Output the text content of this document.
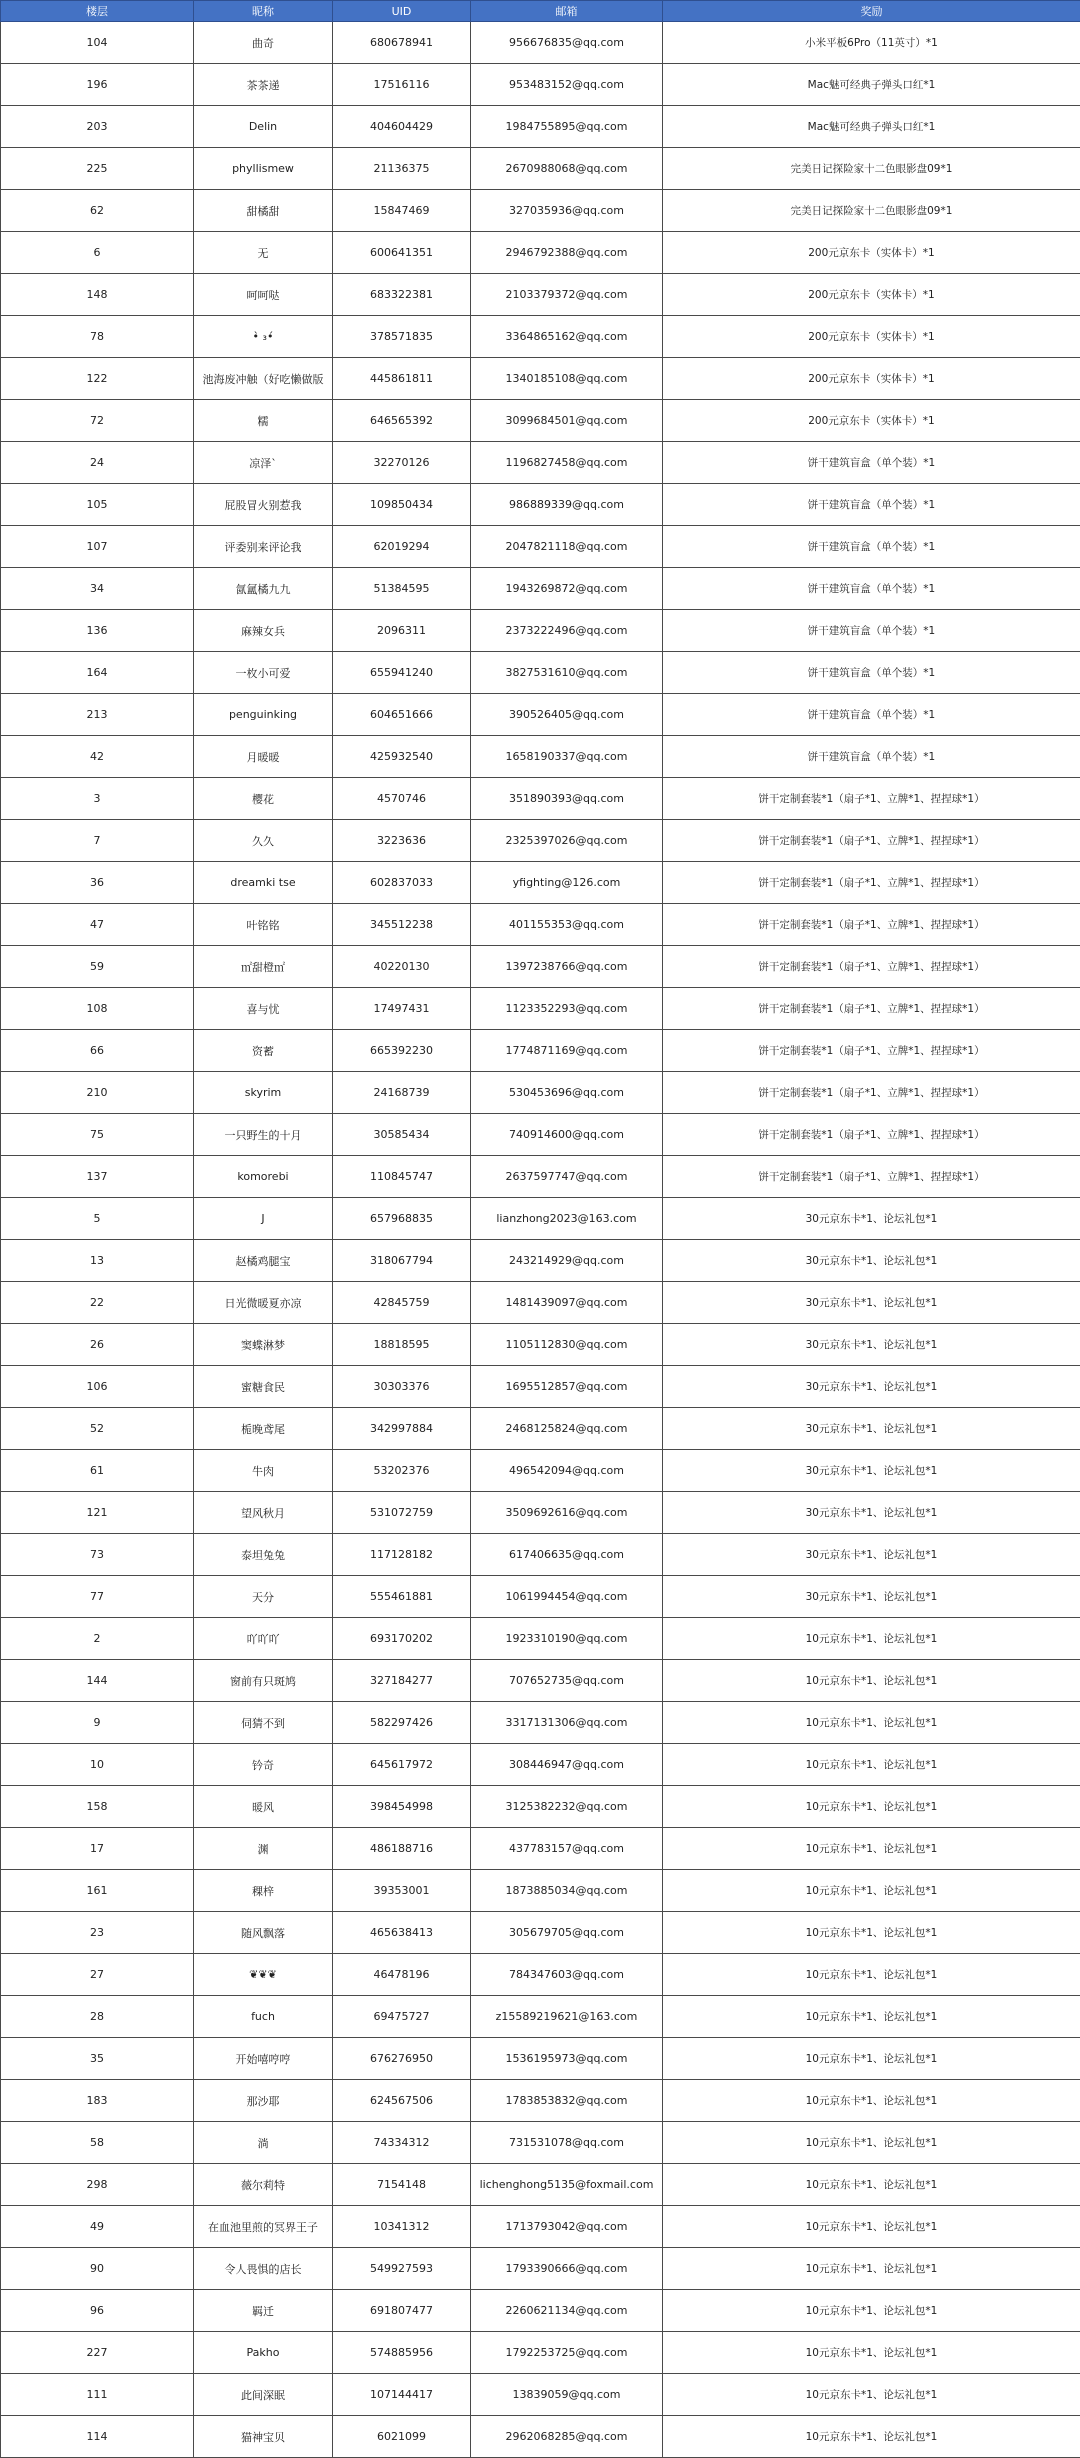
楼层	昵称	UID	邮箱	奖励
104	曲奇	680678941	956676835@qq.com	小米平板6Pro（11英寸）*1
196	茶茶递	17516116	953483152@qq.com	Mac魅可经典子弹头口红*1
203	Delin	404604429	1984755895@qq.com	Mac魅可经典子弹头口红*1
225	phyllismew	21136375	2670988068@qq.com	完美日记探险家十二色眼影盘09*1
62	甜橘甜	15847469	327035936@qq.com	完美日记探险家十二色眼影盘09*1
6	无	600641351	2946792388@qq.com	200元京东卡（实体卡）*1
148	呵呵哒	683322381	2103379372@qq.com	200元京东卡（实体卡）*1
78	•̀ ₃•́	378571835	3364865162@qq.com	200元京东卡（实体卡）*1
122	池海废冲触（好吃懒做版	445861811	1340185108@qq.com	200元京东卡（实体卡）*1
72	糯	646565392	3099684501@qq.com	200元京东卡（实体卡）*1
24	凉泽`	32270126	1196827458@qq.com	饼干建筑盲盒（单个装）*1
105	屁股冒火别惹我	109850434	986889339@qq.com	饼干建筑盲盒（单个装）*1
107	评委别来评论我	62019294	2047821118@qq.com	饼干建筑盲盒（单个装）*1
34	氤氲橘九九	51384595	1943269872@qq.com	饼干建筑盲盒（单个装）*1
136	麻辣女兵	2096311	2373222496@qq.com	饼干建筑盲盒（单个装）*1
164	一枚小可爱	655941240	3827531610@qq.com	饼干建筑盲盒（单个装）*1
213	penguinking	604651666	390526405@qq.com	饼干建筑盲盒（单个装）*1
42	月暖暖	425932540	1658190337@qq.com	饼干建筑盲盒（单个装）*1
3	樱花	4570746	351890393@qq.com	饼干定制套装*1（扇子*1、立牌*1、捏捏球*1）
7	久久	3223636	2325397026@qq.com	饼干定制套装*1（扇子*1、立牌*1、捏捏球*1）
36	dreamki tse	602837033	yfighting@126.com	饼干定制套装*1（扇子*1、立牌*1、捏捏球*1）
47	叶铭铭	345512238	401155353@qq.com	饼干定制套装*1（扇子*1、立牌*1、捏捏球*1）
59	㎡甜橙㎡	40220130	1397238766@qq.com	饼干定制套装*1（扇子*1、立牌*1、捏捏球*1）
108	喜与忧	17497431	1123352293@qq.com	饼干定制套装*1（扇子*1、立牌*1、捏捏球*1）
66	资蓄	665392230	1774871169@qq.com	饼干定制套装*1（扇子*1、立牌*1、捏捏球*1）
210	skyrim	24168739	530453696@qq.com	饼干定制套装*1（扇子*1、立牌*1、捏捏球*1）
75	一只野生的十月	30585434	740914600@qq.com	饼干定制套装*1（扇子*1、立牌*1、捏捏球*1）
137	komorebi	110845747	2637597747@qq.com	饼干定制套装*1（扇子*1、立牌*1、捏捏球*1）
5	J	657968835	lianzhong2023@163.com	30元京东卡*1、论坛礼包*1
13	赵橘鸡腿宝	318067794	243214929@qq.com	30元京东卡*1、论坛礼包*1
22	日光微暖夏亦凉	42845759	1481439097@qq.com	30元京东卡*1、论坛礼包*1
26	窦蝶淋梦	18818595	1105112830@qq.com	30元京东卡*1、论坛礼包*1
106	蜜糖食民	30303376	1695512857@qq.com	30元京东卡*1、论坛礼包*1
52	栀晚鸢尾	342997884	2468125824@qq.com	30元京东卡*1、论坛礼包*1
61	牛肉	53202376	496542094@qq.com	30元京东卡*1、论坛礼包*1
121	望风秋月	531072759	3509692616@qq.com	30元京东卡*1、论坛礼包*1
73	泰坦兔兔	117128182	617406635@qq.com	30元京东卡*1、论坛礼包*1
77	天分	555461881	1061994454@qq.com	30元京东卡*1、论坛礼包*1
2	吖吖吖	693170202	1923310190@qq.com	10元京东卡*1、论坛礼包*1
144	窗前有只斑鸠	327184277	707652735@qq.com	10元京东卡*1、论坛礼包*1
9	伺猜不到	582297426	3317131306@qq.com	10元京东卡*1、论坛礼包*1
10	钤奇	645617972	308446947@qq.com	10元京东卡*1、论坛礼包*1
158	暖风	398454998	3125382232@qq.com	10元京东卡*1、论坛礼包*1
17	渊	486188716	437783157@qq.com	10元京东卡*1、论坛礼包*1
161	稞梓	39353001	1873885034@qq.com	10元京东卡*1、论坛礼包*1
23	随风飘落	465638413	305679705@qq.com	10元京东卡*1、论坛礼包*1
27	❦❦❦	46478196	784347603@qq.com	10元京东卡*1、论坛礼包*1
28	fuch	69475727	z15589219621@163.com	10元京东卡*1、论坛礼包*1
35	开始嘻哼哼	676276950	1536195973@qq.com	10元京东卡*1、论坛礼包*1
183	那沙耶	624567506	1783853832@qq.com	10元京东卡*1、论坛礼包*1
58	淌	74334312	731531078@qq.com	10元京东卡*1、论坛礼包*1
298	薇尔莉特	7154148	lichenghong5135@foxmail.com	10元京东卡*1、论坛礼包*1
49	在血池里煎的冥界王子	10341312	1713793042@qq.com	10元京东卡*1、论坛礼包*1
90	令人畏惧的店长	549927593	1793390666@qq.com	10元京东卡*1、论坛礼包*1
96	羁迁	691807477	2260621134@qq.com	10元京东卡*1、论坛礼包*1
227	Pakho	574885956	1792253725@qq.com	10元京东卡*1、论坛礼包*1
111	此间深眠	107144417	13839059@qq.com	10元京东卡*1、论坛礼包*1
114	猫神宝贝	6021099	2962068285@qq.com	10元京东卡*1、论坛礼包*1
